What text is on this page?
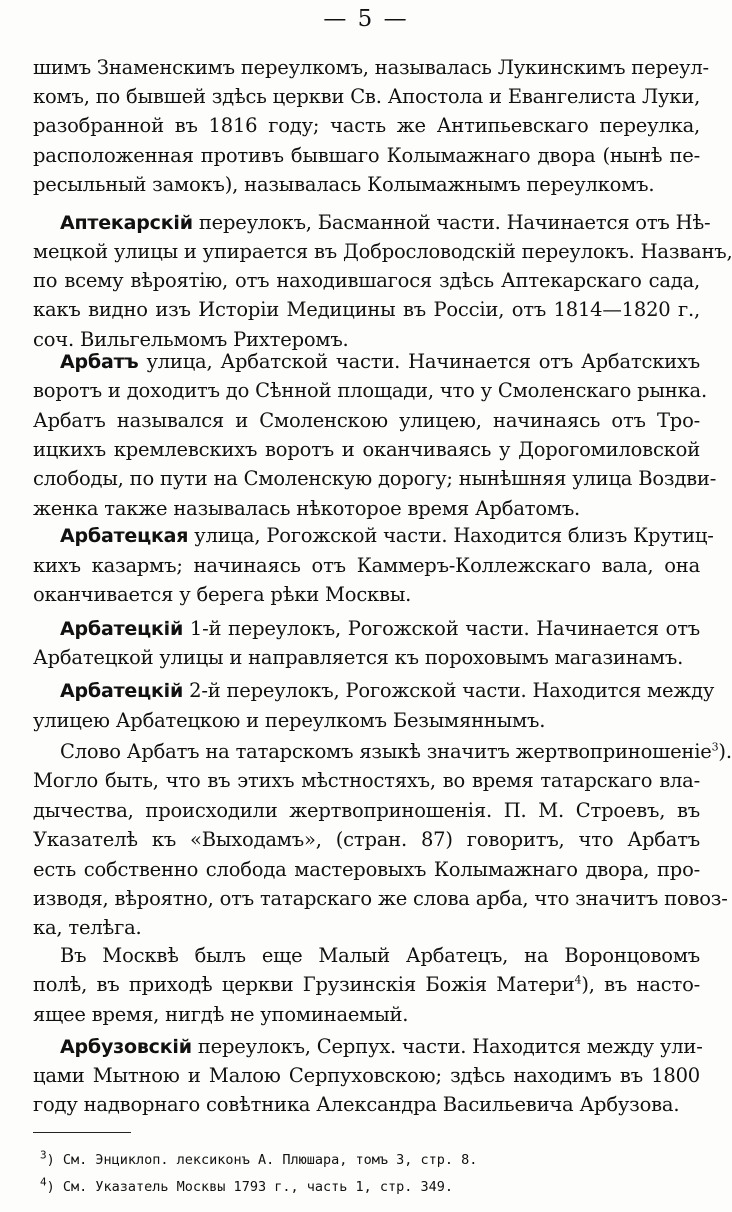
— 5 —
шимъ Знаменскимъ переулкомъ, называлась Лукинскимъ переул-
комъ, по бывшей здѣсь церкви Св. Апостола и Евангелиста Луки,
разобранной въ 1816 году; часть же Антипьевскаго переулка,
расположенная противъ бывшаго Колымажнаго двора (нынѣ пе-
ресыльный замокъ), называлась Колымажнымъ переулкомъ.
Аптекарскій переулокъ, Басманной части. Начинается отъ Нѣ-
мецкой улицы и упирается въ Добрословодскій переулокъ. Названъ,
по всему вѣроятію, отъ находившагося здѣсь Аптекарскаго сада,
какъ видно изъ Исторіи Медицины въ Россіи, отъ 1814—1820 г.,
соч. Вильгельмомъ Рихтеромъ.
Арбатъ улица, Арбатской части. Начинается отъ Арбатскихъ
воротъ и доходитъ до Сѣнной площади, что у Смоленскаго рынка.
Арбатъ назывался и Смоленскою улицею, начинаясь отъ Тро-
ицкихъ кремлевскихъ воротъ и оканчиваясь у Дорогомиловской
слободы, по пути на Смоленскую дорогу; нынѣшняя улица Воздви-
женка также называлась нѣкоторое время Арбатомъ.
Арбатецкая улица, Рогожской части. Находится близъ Крутиц-
кихъ казармъ; начинаясь отъ Каммеръ-Коллежскаго вала, она
оканчивается у берега рѣки Москвы.
Арбатецкій 1-й переулокъ, Рогожской части. Начинается отъ
Арбатецкой улицы и направляется къ пороховымъ магазинамъ.
Арбатецкій 2-й переулокъ, Рогожской части. Находится между
улицею Арбатецкою и переулкомъ Безымяннымъ.
Слово Арбатъ на татарскомъ языкѣ значитъ жертвоприношеніе$^3$).
Могло быть, что въ этихъ мѣстностяхъ, во время татарскаго вла-
дычества, происходили жертвоприношенія. П. М. Строевъ, въ
Указателѣ къ «Выходамъ», (стран. 87) говоритъ, что Арбатъ
есть собственно слобода мастеровыхъ Колымажнаго двора, про-
изводя, вѣроятно, отъ татарскаго же слова арба, что значитъ повоз-
ка, телѣга.
Въ Москвѣ былъ еще Малый Арбатецъ, на Воронцовомъ
полѣ, въ приходѣ церкви Грузинскія Божія Матери$^4$), въ насто-
ящее время, нигдѣ не упоминаемый.
Арбузовскій переулокъ, Серпух. части. Находится между ули-
цами Мытною и Малою Серпуховскою; здѣсь находимъ въ 1800
году надворнаго совѣтника Александра Васильевича Арбузова.
$^3$) См. Энциклоп. лексиконъ А. Плюшара, томъ 3, стр. 8.
$^4$) См. Указатель Москвы 1793 г., часть 1, стр. 349.
